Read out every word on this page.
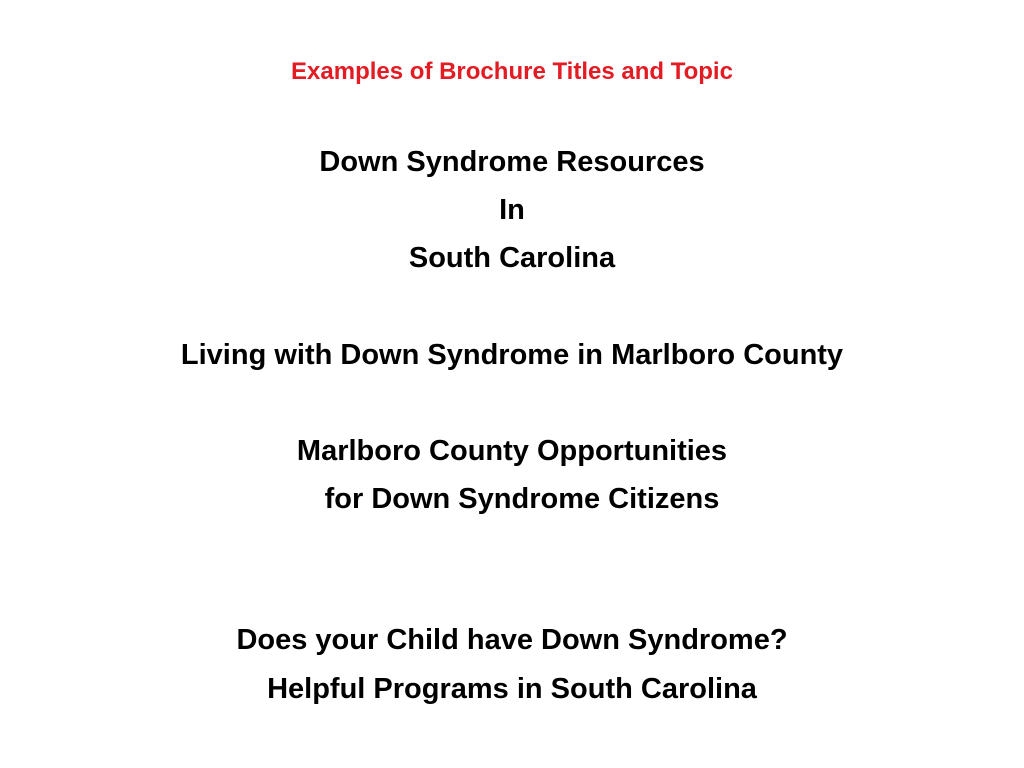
Examples of Brochure Titles and Topic
Down Syndrome Resources
In
South Carolina
Living with Down Syndrome in Marlboro County
Marlboro County Opportunities
for Down Syndrome Citizens
Does your Child have Down Syndrome?
Helpful Programs in South Carolina
